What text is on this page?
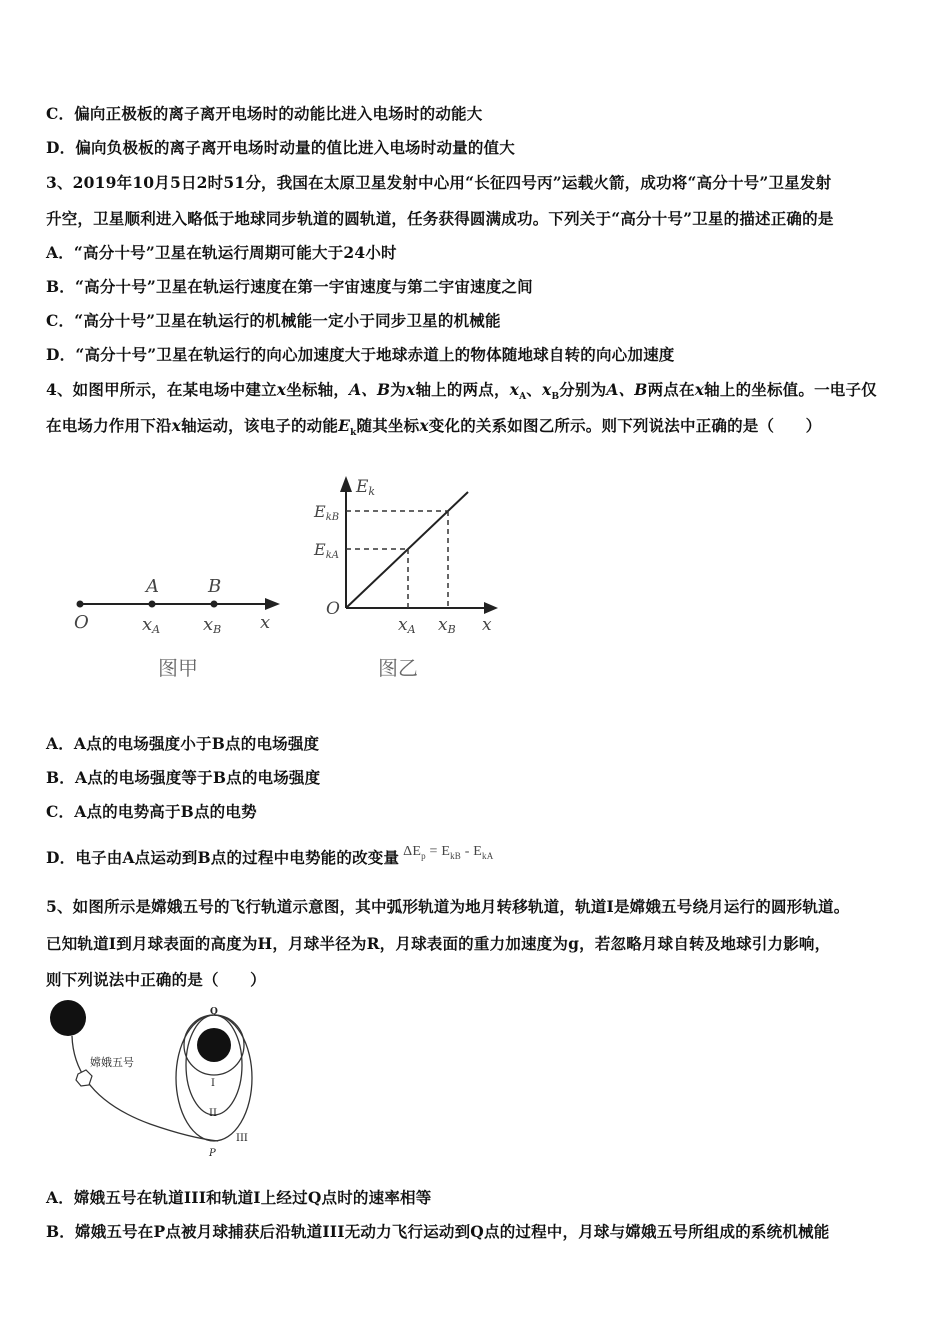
C．偏向正极板的离子离开电场时的动能比进入电场时的动能大
D．偏向负极板的离子离开电场时动量的值比进入电场时动量的值大
3、2019年10月5日2时51分，我国在太原卫星发射中心用“长征四号丙”运载火箭，成功将“高分十号”卫星发射
升空，卫星顺利进入略低于地球同步轨道的圆轨道，任务获得圆满成功。下列关于“高分十号”卫星的描述正确的是
A．“高分十号”卫星在轨运行周期可能大于24小时
B．“高分十号”卫星在轨运行速度在第一宇宙速度与第二宇宙速度之间
C．“高分十号”卫星在轨运行的机械能一定小于同步卫星的机械能
D．“高分十号”卫星在轨运行的向心加速度大于地球赤道上的物体随地球自转的向心加速度
4、如图甲所示，在某电场中建立x坐标轴，A、B为x轴上的两点，$x_A$、$x_B$分别为A、B两点在x轴上的坐标值。一电子仅
在电场力作用下沿x轴运动，该电子的动能$E_k$随其坐标x变化的关系如图乙所示。则下列说法中正确的是（　　）
O
A	B
xA xB x
图甲
Ek
EkB
EkA
O
xA xB x
图乙
A．A点的电场强度小于B点的电场强度
B．A点的电场强度等于B点的电场强度
C．A点的电势高于B点的电势
D．电子由A点运动到B点的过程中电势能的改变量 $\Delta E_p = E_{kB} - E_{kA}$
5、如图所示是嫦娥五号的飞行轨道示意图，其中弧形轨道为地月转移轨道，轨道I是嫦娥五号绕月运行的圆形轨道。
已知轨道I到月球表面的高度为H，月球半径为R，月球表面的重力加速度为g，若忽略月球自转及地球引力影响，
则下列说法中正确的是（　　）
嫦娥五号
Q
I
II
III
P
A．嫦娥五号在轨道III和轨道I上经过Q点时的速率相等
B．嫦娥五号在P点被月球捕获后沿轨道III无动力飞行运动到Q点的过程中，月球与嫦娥五号所组成的系统机械能
